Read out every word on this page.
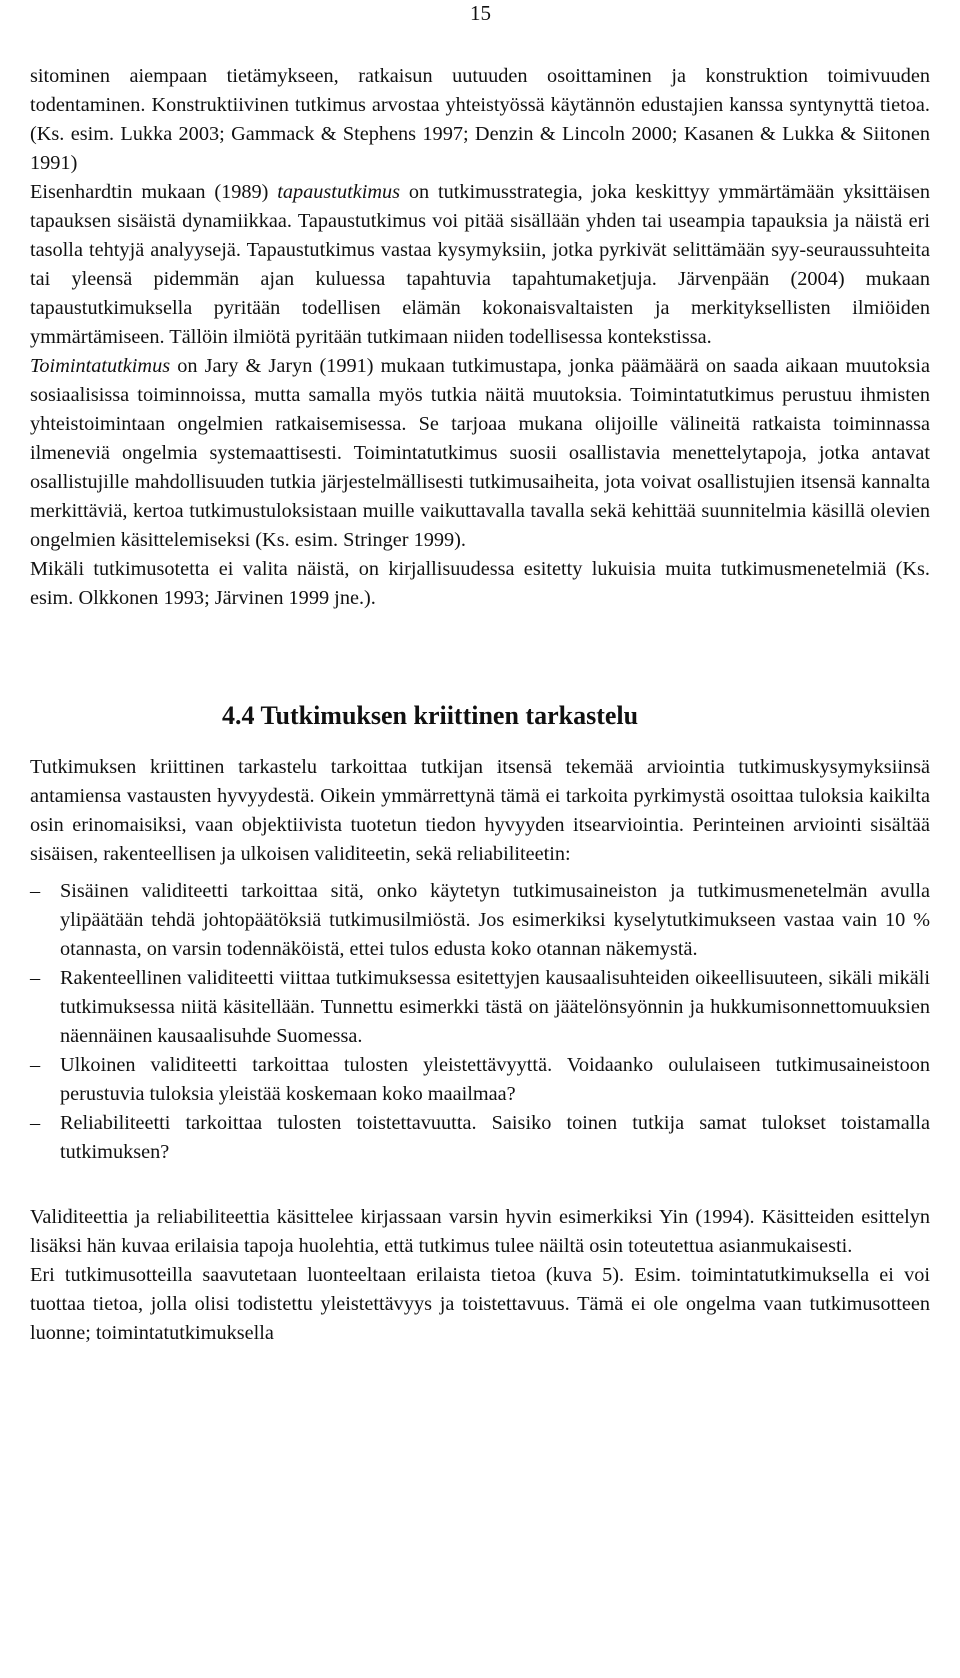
15

sitominen aiempaan tietämykseen, ratkaisun uutuuden osoittaminen ja konstruktion toimivuuden todentaminen. Konstruktiivinen tutkimus arvostaa yhteistyössä käytännön edustajien kanssa syntynyttä tietoa. (Ks. esim. Lukka 2003; Gammack & Stephens 1997; Denzin & Lincoln 2000; Kasanen & Lukka & Siitonen 1991)

Eisenhardtin mukaan (1989) tapaustutkimus on tutkimusstrategia, joka keskittyy ymmärtämään yksittäisen tapauksen sisäistä dynamiikkaa. Tapaustutkimus voi pitää sisällään yhden tai useampia tapauksia ja näistä eri tasolla tehtyjä analyysejä. Tapaustutkimus vastaa kysymyksiin, jotka pyrkivät selittämään syy-seuraussuhteita tai yleensä pidemmän ajan kuluessa tapahtuvia tapahtumaketjuja. Järvenpään (2004) mukaan tapaustutkimuksella pyritään todellisen elämän kokonaisvaltaisten ja merkityksellisten ilmiöiden ymmärtämiseen. Tällöin ilmiötä pyritään tutkimaan niiden todellisessa kontekstissa.

Toimintatutkimus on Jary & Jaryn (1991) mukaan tutkimustapa, jonka päämäärä on saada aikaan muutoksia sosiaalisissa toiminnoissa, mutta samalla myös tutkia näitä muutoksia. Toimintatutkimus perustuu ihmisten yhteistoimintaan ongelmien ratkaisemisessa. Se tarjoaa mukana olijoille välineitä ratkaista toiminnassa ilmeneviä ongelmia systemaattisesti. Toimintatutkimus suosii osallistavia menettelytapoja, jotka antavat osallistujille mahdollisuuden tutkia järjestelmällisesti tutkimusaiheita, jota voivat osallistujien itsensä kannalta merkittäviä, kertoa tutkimustuloksistaan muille vaikuttavalla tavalla sekä kehittää suunnitelmia käsillä olevien ongelmien käsittelemiseksi (Ks. esim. Stringer 1999).

Mikäli tutkimusotetta ei valita näistä, on kirjallisuudessa esitetty lukuisia muita tutkimusmenetelmiä (Ks. esim. Olkkonen 1993; Järvinen 1999 jne.).

4.4 Tutkimuksen kriittinen tarkastelu

Tutkimuksen kriittinen tarkastelu tarkoittaa tutkijan itsensä tekemää arviointia tutkimuskysymyksiinsä antamiensa vastausten hyvyydestä. Oikein ymmärrettynä tämä ei tarkoita pyrkimystä osoittaa tuloksia kaikilta osin erinomaisiksi, vaan objektiivista tuotetun tiedon hyvyyden itsearviointia. Perinteinen arviointi sisältää sisäisen, rakenteellisen ja ulkoisen validiteetin, sekä reliabiliteetin:

– Sisäinen validiteetti tarkoittaa sitä, onko käytetyn tutkimusaineiston ja tutkimusmenetelmän avulla ylipäätään tehdä johtopäätöksiä tutkimusilmiöstä. Jos esimerkiksi kyselytutkimukseen vastaa vain 10 % otannasta, on varsin todennäköistä, ettei tulos edusta koko otannan näkemystä.
– Rakenteellinen validiteetti viittaa tutkimuksessa esitettyjen kausaalisuhteiden oikeellisuuteen, sikäli mikäli tutkimuksessa niitä käsitellään. Tunnettu esimerkki tästä on jäätelönsyönnin ja hukkumisonnettomuuksien näennäinen kausaalisuhde Suomessa.
– Ulkoinen validiteetti tarkoittaa tulosten yleistettävyyttä. Voidaanko oululaiseen tutkimusaineistoon perustuvia tuloksia yleistää koskemaan koko maailmaa?
– Reliabiliteetti tarkoittaa tulosten toistettavuutta. Saisiko toinen tutkija samat tulokset toistamalla tutkimuksen?

Validiteettia ja reliabiliteettia käsittelee kirjassaan varsin hyvin esimerkiksi Yin (1994). Käsitteiden esittelyn lisäksi hän kuvaa erilaisia tapoja huolehtia, että tutkimus tulee näiltä osin toteutettua asianmukaisesti.

Eri tutkimusotteilla saavutetaan luonteeltaan erilaista tietoa (kuva 5). Esim. toimintatutkimuksella ei voi tuottaa tietoa, jolla olisi todistettu yleistettävyys ja toistettavuus. Tämä ei ole ongelma vaan tutkimusotteen luonne; toimintatutkimuksella
